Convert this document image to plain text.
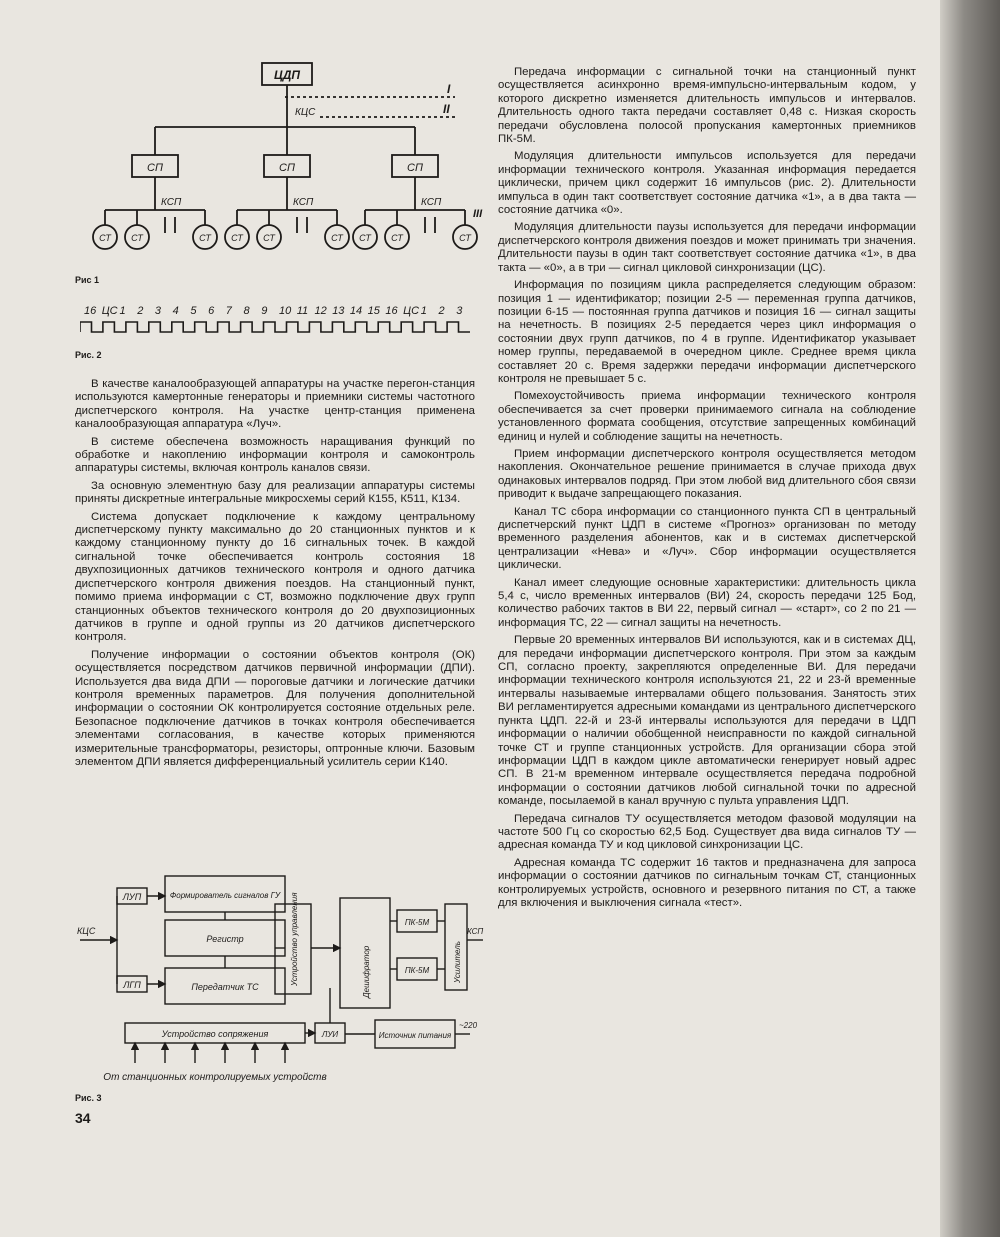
ЦДП
КЦС
I
II
III
СП	СП	СП
КСП	КСП	КСП
СТ СТ	СТ СТ СТ	СТ СТ СТ	СТ
Рис 1
16 ЦС 1 2 3 4 5 6 7 8 9 10 11 12 13 14 15 16 ЦС 1 2 3
Рис. 2

В качестве каналообразующей аппаратуры на участке перегон-станция используются камертонные генераторы и приемники системы частотного диспетчерского контроля. На участке центр-станция применена каналообразующая аппаратура «Луч».

В системе обеспечена возможность наращивания функций по обработке и накоплению информации контроля и самоконтроль аппаратуры системы, включая контроль каналов связи.

За основную элементную базу для реализации аппаратуры системы приняты дискретные интегральные микросхемы серий К155, К511, К134.

Система допускает подключение к каждому центральному диспетчерскому пункту максимально до 20 станционных пунктов и к каждому станционному пункту до 16 сигнальных точек. В каждой сигнальной точке обеспечивается контроль состояния 18 двухпозиционных датчиков технического контроля и одного датчика диспетчерского контроля движения поездов. На станционный пункт, помимо приема информации с СТ, возможно подключение двух групп станционных объектов технического контроля до 20 двухпозиционных датчиков в группе и одной группы из 20 датчиков диспетчерского контроля.

Получение информации о состоянии объектов контроля (ОК) осуществляется посредством датчиков первичной информации (ДПИ). Используется два вида ДПИ — пороговые датчики и логические датчики контроля временных параметров. Для получения дополнительной информации о состоянии ОК контролируется состояние отдельных реле. Безопасное подключение датчиков в точках контроля обеспечивается элементами согласования, в качестве которых применяются измерительные трансформаторы, резисторы, оптронные ключи. Базовым элементом ДПИ является дифференциальный усилитель серии К140.

КЦС
ЛУП
ЛГП
Формирователь сигналов ГУ
Регистр
Передатчик ТС
Устройство управления	Дешифратор
ПК-5М
ПК-5М	Усилитель
КСП
Устройство сопряжения	ЛУИ	Источник питания
~220
От станционных контролируемых устройств
Рис. 3
34

Передача информации с сигнальной точки на станционный пункт осуществляется асинхронно время-импульсно-интервальным кодом, у которого дискретно изменяется длительность импульсов и интервалов. Длительность одного такта передачи составляет 0,48 с. Низкая скорость передачи обусловлена полосой пропускания камертонных приемников ПК-5М.

Модуляция длительности импульсов используется для передачи информации технического контроля. Указанная информация передается циклически, причем цикл содержит 16 импульсов (рис. 2). Длительности импульса в один такт соответствует состояние датчика «1», а в два такта — состояние датчика «0».

Модуляция длительности паузы используется для передачи информации диспетчерского контроля движения поездов и может принимать три значения. Длительности паузы в один такт соответствует состояние датчика «1», в два такта — «0», а в три — сигнал цикловой синхронизации (ЦС).

Информация по позициям цикла распределяется следующим образом: позиция 1 — идентификатор; позиции 2-5 — переменная группа датчиков, позиции 6-15 — постоянная группа датчиков и позиция 16 — сигнал защиты на нечетность. В позициях 2-5 передается через цикл информация о состоянии двух групп датчиков, по 4 в группе. Идентификатор указывает номер группы, передаваемой в очередном цикле. Среднее время цикла составляет 20 с. Время задержки передачи информации диспетчерского контроля не превышает 5 с.

Помехоустойчивость приема информации технического контроля обеспечивается за счет проверки принимаемого сигнала на соблюдение установленного формата сообщения, отсутствие запрещенных комбинаций единиц и нулей и соблюдение защиты на нечетность.

Прием информации диспетчерского контроля осуществляется методом накопления. Окончательное решение принимается в случае прихода двух одинаковых интервалов подряд. При этом любой вид длительного сбоя связи приводит к выдаче запрещающего показания.

Канал ТС сбора информации со станционного пункта СП в центральный диспетчерский пункт ЦДП в системе «Прогноз» организован по методу временного разделения абонентов, как и в системах диспетчерской централизации «Нева» и «Луч». Сбор информации осуществляется циклически.

Канал имеет следующие основные характеристики: длительность цикла 5,4 с, число временных интервалов (ВИ) 24, скорость передачи 125 Бод, количество рабочих тактов в ВИ 22, первый сигнал — «старт», со 2 по 21 — информация ТС, 22 — сигнал защиты на нечетность.

Первые 20 временных интервалов ВИ используются, как и в системах ДЦ, для передачи информации диспетчерского контроля. При этом за каждым СП, согласно проекту, закрепляются определенные ВИ. Для передачи информации технического контроля используются 21, 22 и 23-й временные интервалы называемые интервалами общего пользования. Занятость этих ВИ регламентируется адресными командами из центрального диспетчерского пункта ЦДП. 22-й и 23-й интервалы используются для передачи в ЦДП информации о наличии обобщенной неисправности по каждой сигнальной точке СТ и группе станционных устройств. Для организации сбора этой информации ЦДП в каждом цикле автоматически генерирует новый адрес СП. В 21-м временном интервале осуществляется передача подробной информации о состоянии датчиков любой сигнальной точки по адресной команде, посылаемой в канал вручную с пульта управления ЦДП.

Передача сигналов ТУ осуществляется методом фазовой модуляции на частоте 500 Гц со скоростью 62,5 Бод. Существует два вида сигналов ТУ — адресная команда ТУ и код цикловой синхронизации ЦС.

Адресная команда ТС содержит 16 тактов и предназначена для запроса информации о состоянии датчиков по сигнальным точкам СТ, станционных контролируемых устройств, основного и резервного питания по СТ, а также для включения и выключения сигнала «тест».
